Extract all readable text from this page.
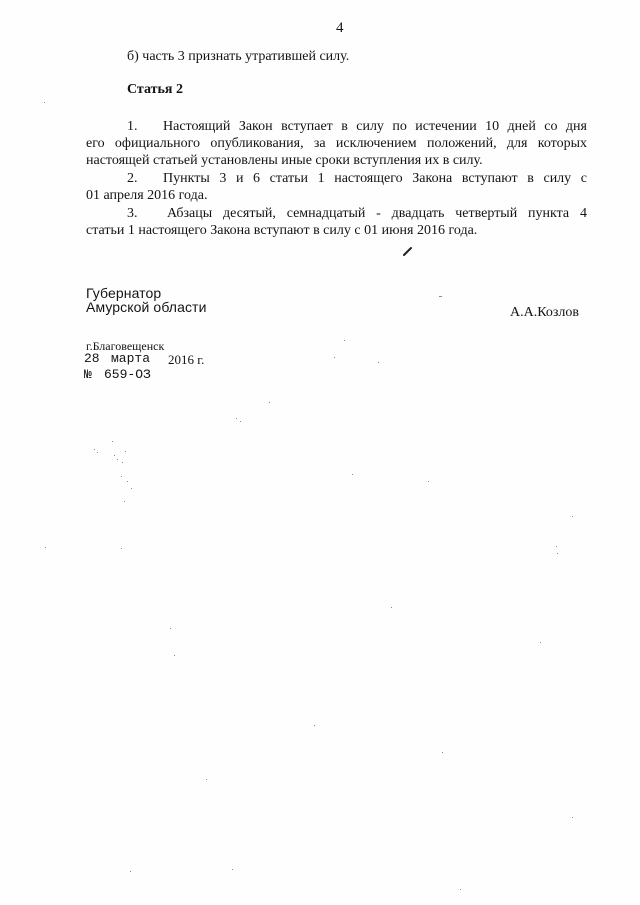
4
б) часть 3 признать утратившей силу.
Статья 2
1. Настоящий Закон вступает в силу по истечении 10 дней со дня
его официального опубликования, за исключением положений, для которых
настоящей статьей установлены иные сроки вступления их в силу.
2. Пункты 3 и 6 статьи 1 настоящего Закона вступают в силу с
01 апреля 2016 года.
3. Абзацы десятый, семнадцатый - двадцать четвертый пункта 4
статьи 1 настоящего Закона вступают в силу с 01 июня 2016 года.
Губернатор
Амурской области	А.А.Козлов
г.Благовещенск
28 марта 2016 г.
№ 659-ОЗ
